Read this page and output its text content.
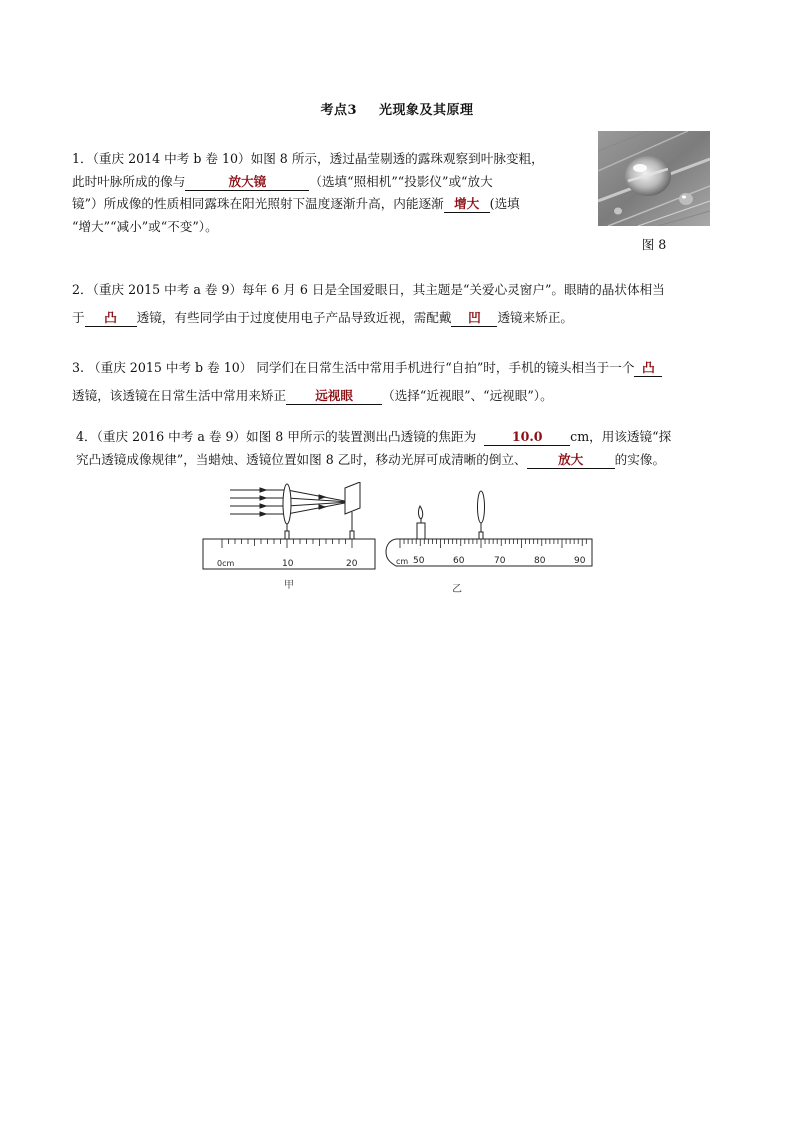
考点3 光现象及其原理
1．（重庆 2014 中考 b 卷 10）如图 8 所示，透过晶莹剔透的露珠观察到叶脉变粗，
此时叶脉所成的像与	放大镜	（选填“照相机”“投影仪”或“放大
镜”）所成像的性质相同露珠在阳光照射下温度逐渐升高，内能逐渐 增大 (选填
“增大”“减小”或“不变”）。
图 8
2．（重庆 2015 中考 a 卷 9）每年 6 月 6 日是全国爱眼日，其主题是“关爱心灵窗户”。眼睛的晶状体相当
于 凸 透镜，有些同学由于过度使用电子产品导致近视，需配戴 凹 透镜来矫正。
3. （重庆 2015 中考 b 卷 10） 同学们在日常生活中常用手机进行“自拍”时，手机的镜头相当于一个 凸
透镜，该透镜在日常生活中常用来矫正 远视眼 （选择“近视眼”、“远视眼”）。
4．（重庆 2016 中考 a 卷 9）如图 8 甲所示的装置测出凸透镜的焦距为	10.0 cm，用该透镜“探
究凸透镜成像规律”，当蜡烛、透镜位置如图 8 乙时，移动光屏可成清晰的倒立、 放大 的实像。
0cm	10	20
甲
cm 50	60	70	80	90
乙
